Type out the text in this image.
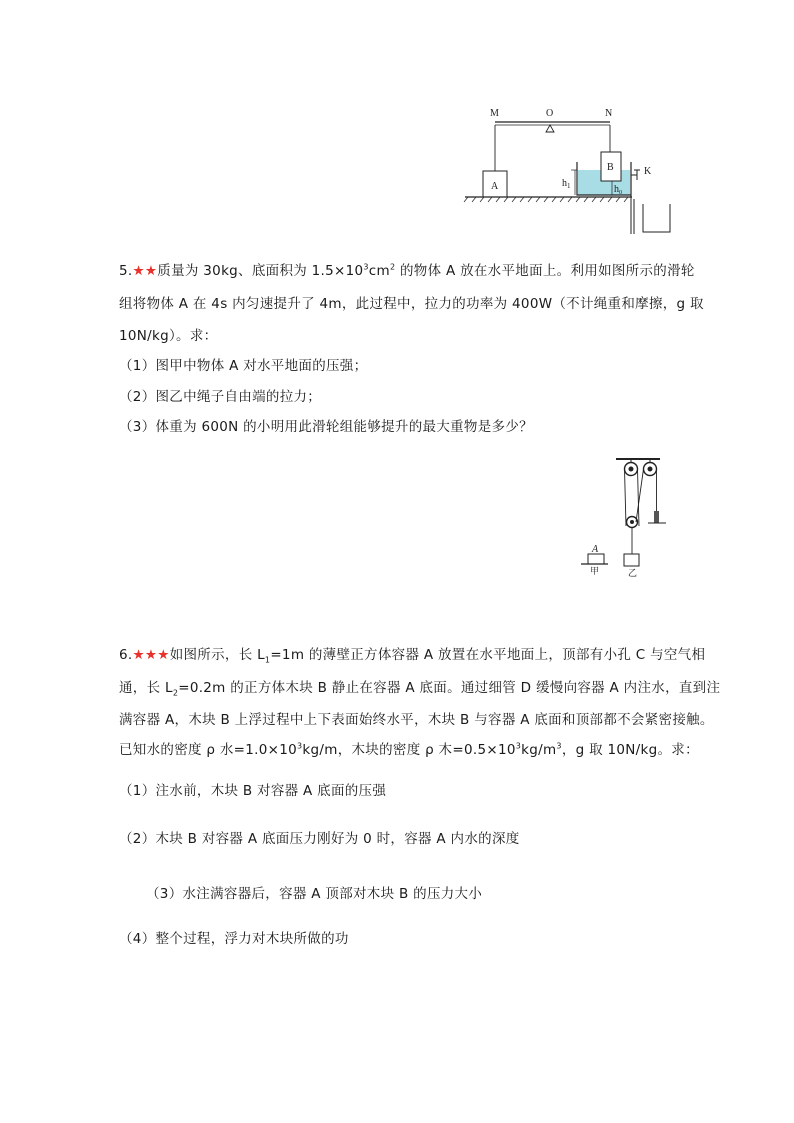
M	O	N
A
B	K
$h_1$	$h_0$
5.★★质量为 30kg、底面积为 $1.5\times 10^3cm^2$ 的物体 A 放在水平地面上。利用如图所示的滑轮
组将物体 A 在 4s 内匀速提升了 4m，此过程中，拉力的功率为 400W（不计绳重和摩擦，g 取
10N/kg）。求：
（1）图甲中物体 A 对水平地面的压强；
（2）图乙中绳子自由端的拉力；
（3）体重为 600N 的小明用此滑轮组能够提升的最大重物是多少？
A
甲	乙
6.★★★如图所示，长 $L_1=1m$ 的薄壁正方体容器 A 放置在水平地面上，顶部有小孔 C 与空气相
通，长 $L_2=0.2m$ 的正方体木块 B 静止在容器 A 底面。通过细管 D 缓慢向容器 A 内注水，直到注
满容器 A，木块 B 上浮过程中上下表面始终水平，木块 B 与容器 A 底面和顶部都不会紧密接触。
已知水的密度 ρ 水$=1.0\times 10^3kg/m$，木块的密度 ρ 木$=0.5\times 10^3kg/m^3$，g 取 10N/kg。求：
（1）注水前，木块 B 对容器 A 底面的压强
（2）木块 B 对容器 A 底面压力刚好为 0 时，容器 A 内水的深度
（3）水注满容器后，容器 A 顶部对木块 B 的压力大小
（4）整个过程，浮力对木块所做的功
